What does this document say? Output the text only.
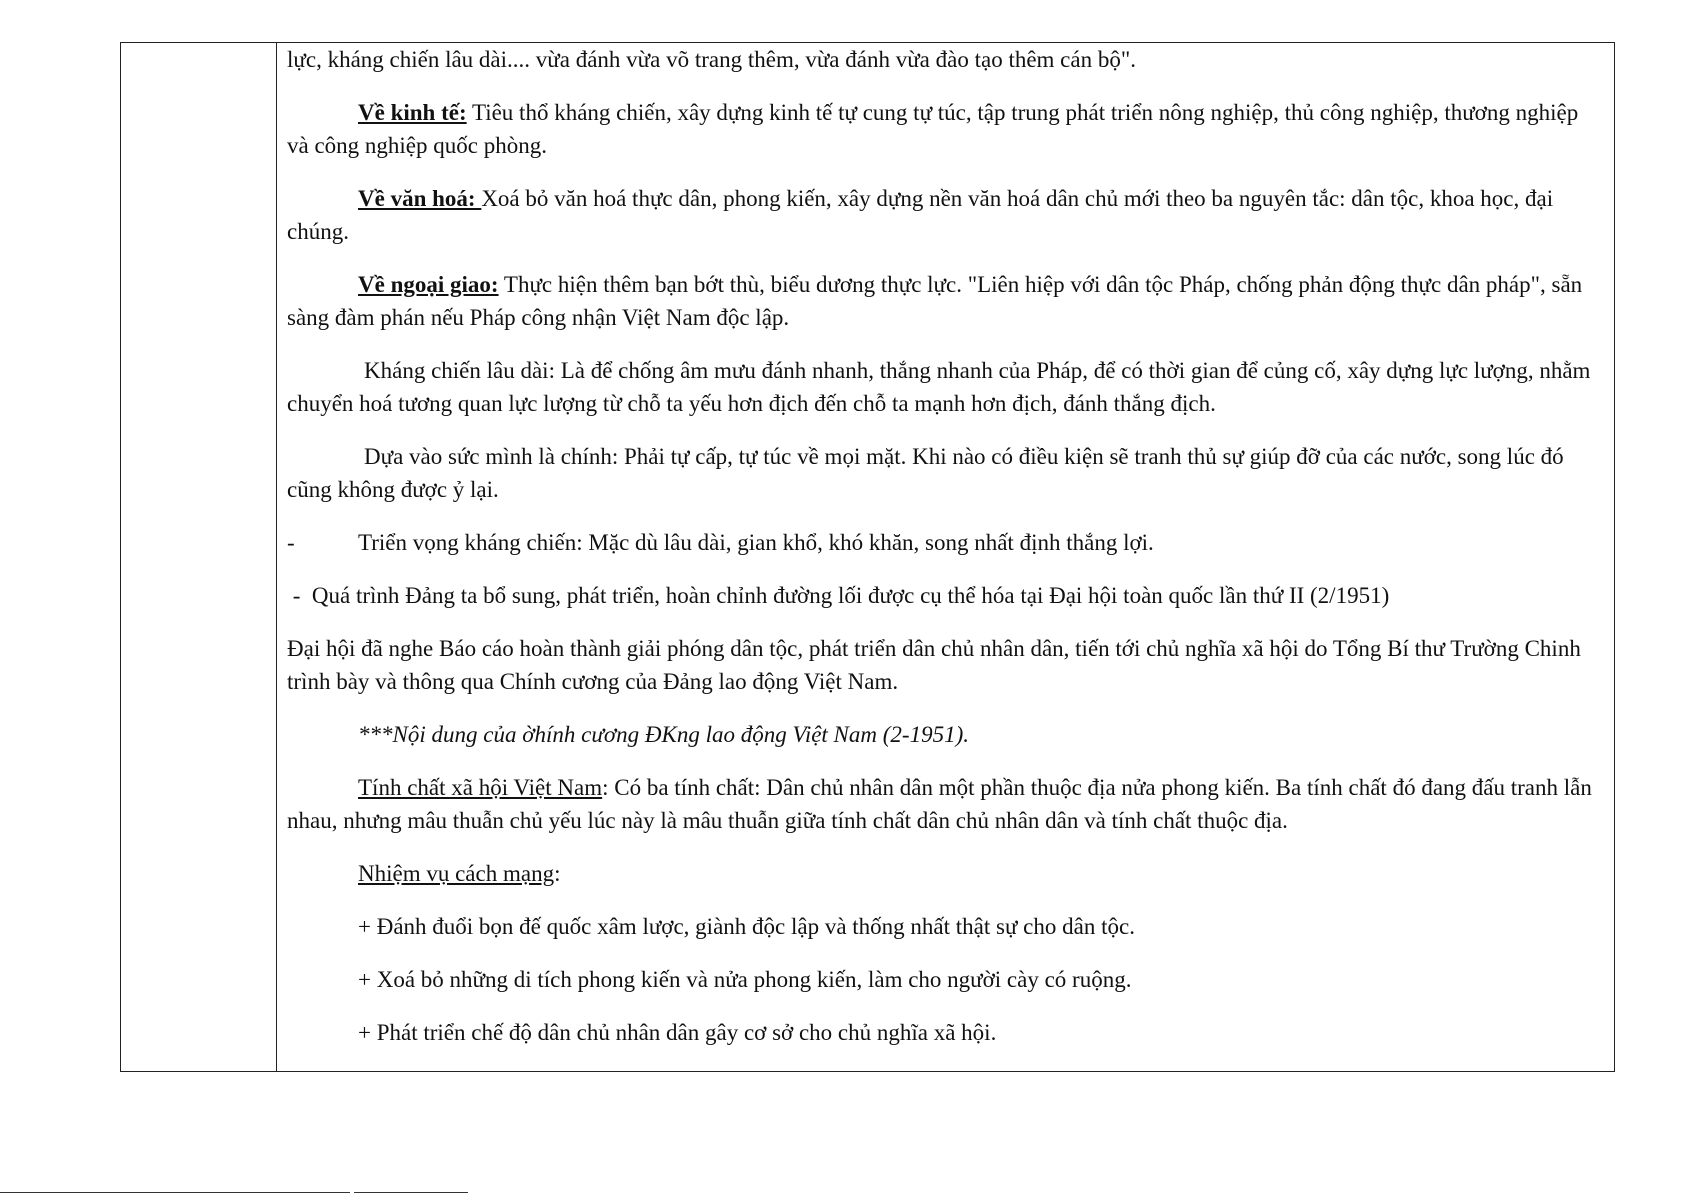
lực, kháng chiến lâu dài.... vừa đánh vừa võ trang thêm, vừa đánh vừa đào tạo thêm cán bộ".

Về kinh tế: Tiêu thổ kháng chiến, xây dựng kinh tế tự cung tự túc, tập trung phát triển nông nghiệp, thủ công nghiệp, thương nghiệp và công nghiệp quốc phòng.

Về văn hoá: Xoá bỏ văn hoá thực dân, phong kiến, xây dựng nền văn hoá dân chủ mới theo ba nguyên tắc: dân tộc, khoa học, đại chúng.

Về ngoại giao: Thực hiện thêm bạn bớt thù, biểu dương thực lực. "Liên hiệp với dân tộc Pháp, chống phản động thực dân pháp", sẵn sàng đàm phán nếu Pháp công nhận Việt Nam độc lập.

Kháng chiến lâu dài: Là để chống âm mưu đánh nhanh, thắng nhanh của Pháp, để có thời gian để củng cố, xây dựng lực lượng, nhằm chuyển hoá tương quan lực lượng từ chỗ ta yếu hơn địch đến chỗ ta mạnh hơn địch, đánh thắng địch.

Dựa vào sức mình là chính: Phải tự cấp, tự túc về mọi mặt. Khi nào có điều kiện sẽ tranh thủ sự giúp đỡ của các nước, song lúc đó cũng không được ỷ lại.

-	Triển vọng kháng chiến: Mặc dù lâu dài, gian khổ, khó khăn, song nhất định thắng lợi.

-  Quá trình Đảng ta bổ sung, phát triển, hoàn chỉnh đường lối được cụ thể hóa tại Đại hội toàn quốc lần thứ II (2/1951)

Đại hội đã nghe Báo cáo hoàn thành giải phóng dân tộc, phát triển dân chủ nhân dân, tiến tới chủ nghĩa xã hội do Tổng Bí thư Trường Chinh trình bày và thông qua Chính cương của Đảng lao động Việt Nam.

***Nội dung của ờhính cương ĐKng lao động Việt Nam (2-1951).

Tính chất xã hội Việt Nam: Có ba tính chất: Dân chủ nhân dân một phần thuộc địa nửa phong kiến. Ba tính chất đó đang đấu tranh lẫn nhau, nhưng mâu thuẫn chủ yếu lúc này là mâu thuẫn giữa tính chất dân chủ nhân dân và tính chất thuộc địa.

Nhiệm vụ cách mạng:

+ Đánh đuổi bọn đế quốc xâm lược, giành độc lập và thống nhất thật sự cho dân tộc.

+ Xoá bỏ những di tích phong kiến và nửa phong kiến, làm cho người cày có ruộng.

+ Phát triển chế độ dân chủ nhân dân gây cơ sở cho chủ nghĩa xã hội.
